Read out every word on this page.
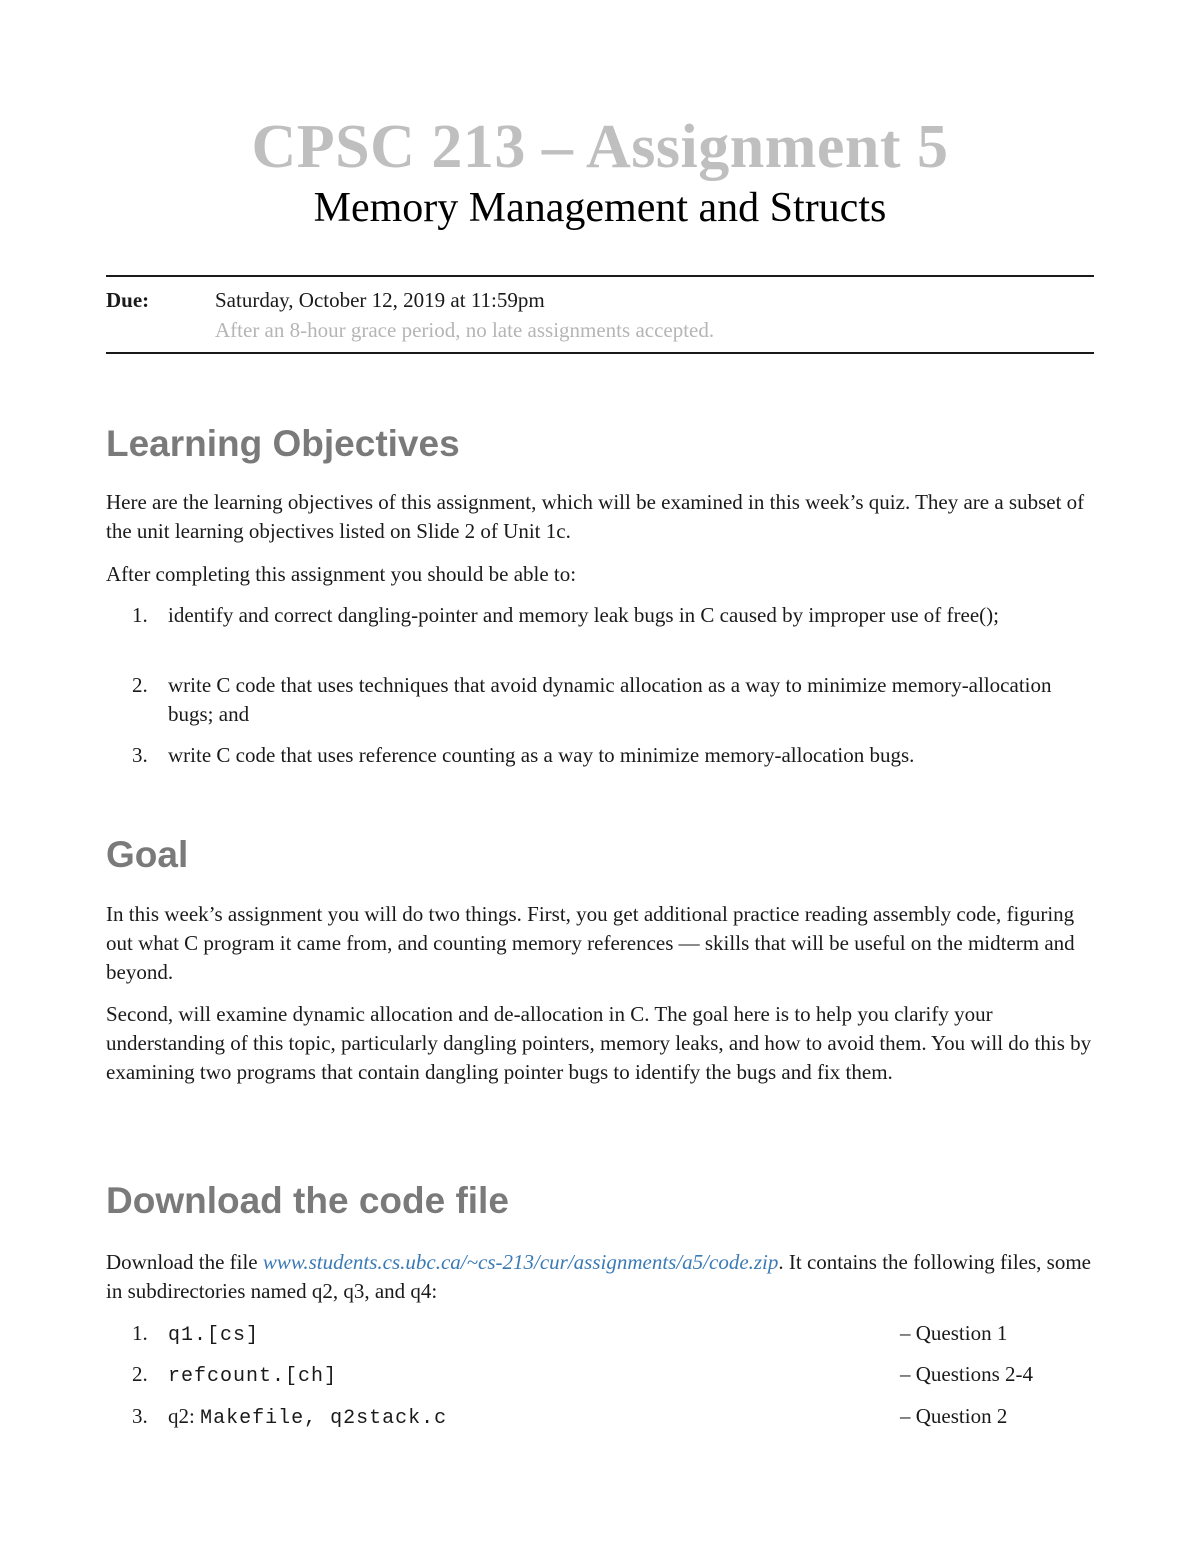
CPSC 213 – Assignment 5
Memory Management and Structs
Due:	Saturday, October 12, 2019 at 11:59pm
After an 8-hour grace period, no late assignments accepted.
Learning Objectives

Here are the learning objectives of this assignment, which will be examined in this week’s quiz. They are a subset of the unit learning objectives listed on Slide 2 of Unit 1c.

After completing this assignment you should be able to:

1. identify and correct dangling-pointer and memory leak bugs in C caused by improper use of free();
2. write C code that uses techniques that avoid dynamic allocation as a way to minimize memory-allocation bugs; and
3. write C code that uses reference counting as a way to minimize memory-allocation bugs.
Goal

In this week’s assignment you will do two things. First, you get additional practice reading assembly code, figuring out what C program it came from, and counting memory references — skills that will be useful on the midterm and beyond.

Second, will examine dynamic allocation and de-allocation in C. The goal here is to help you clarify your understanding of this topic, particularly dangling pointers, memory leaks, and how to avoid them. You will do this by examining two programs that contain dangling pointer bugs to identify the bugs and fix them.

Download the code file

Download the file www.students.cs.ubc.ca/~cs-213/cur/assignments/a5/code.zip. It contains the following files, some in subdirectories named q2, q3, and q4:

1. q1.[cs]	– Question 1
2. refcount.[ch]	– Questions 2-4
3. q2: Makefile, q2stack.c	– Question 2
